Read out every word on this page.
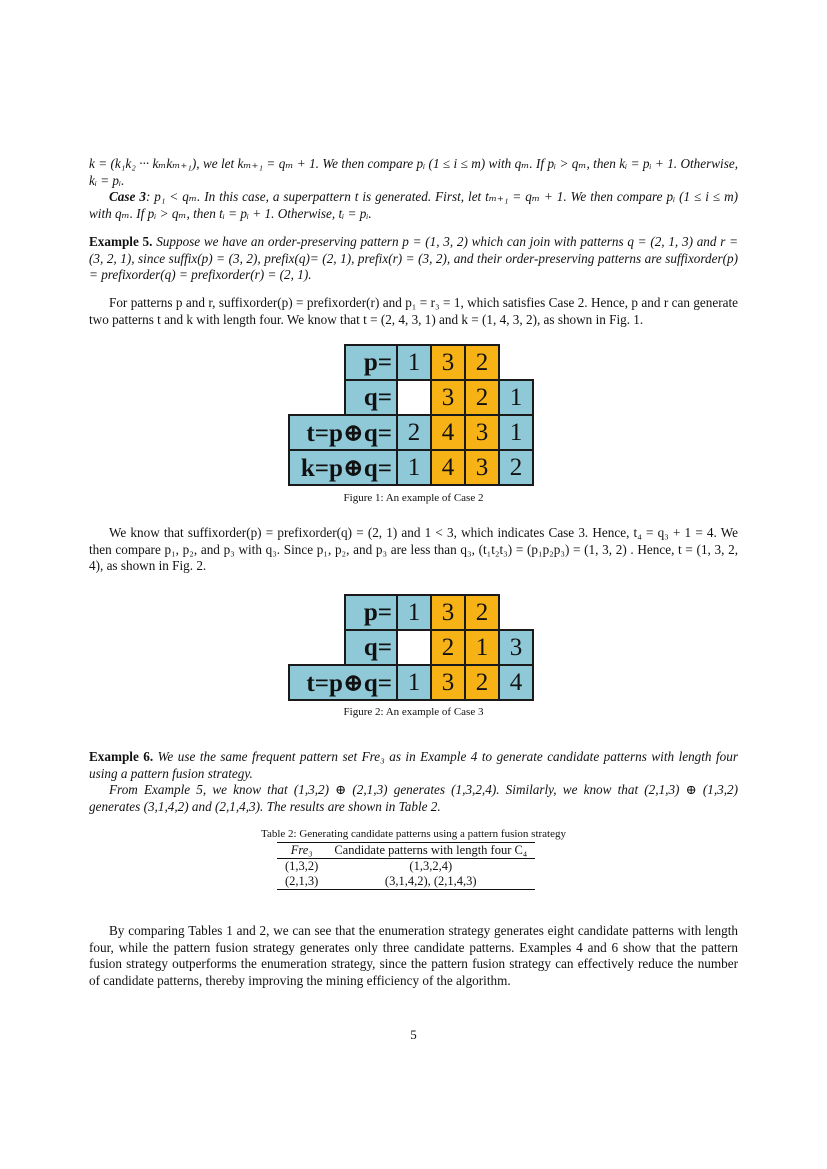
k = (k₁k₂ ··· kₘkₘ₊₁), we let kₘ₊₁ = qₘ + 1. We then compare pᵢ (1 ≤ i ≤ m) with qₘ. If pᵢ > qₘ, then kᵢ = pᵢ + 1. Otherwise, kᵢ = pᵢ.

Case 3: p₁ < qₘ. In this case, a superpattern t is generated. First, let tₘ₊₁ = qₘ + 1. We then compare pᵢ (1 ≤ i ≤ m) with qₘ. If pᵢ > qₘ, then tᵢ = pᵢ + 1. Otherwise, tᵢ = pᵢ.

Example 5. Suppose we have an order-preserving pattern p = (1, 3, 2) which can join with patterns q = (2, 1, 3) and r = (3, 2, 1), since suffix(p) = (3, 2), prefix(q)= (2, 1), prefix(r) = (3, 2), and their order-preserving patterns are suffixorder(p) = prefixorder(q) = prefixorder(r) = (2, 1).

For patterns p and r, suffixorder(p) = prefixorder(r) and p₁ = r₃ = 1, which satisfies Case 2. Hence, p and r can generate two patterns t and k with length four. We know that t = (2, 4, 3, 1) and k = (1, 4, 3, 2), as shown in Fig. 1.

p= 1 3 2
q=	3 2 1
t=p⊕q= 2 4 3 1
k=p⊕q= 1 4 3 2
Figure 1: An example of Case 2

We know that suffixorder(p) = prefixorder(q) = (2, 1) and 1 < 3, which indicates Case 3. Hence, t₄ = q₃ + 1 = 4. We then compare p₁, p₂, and p₃ with q₃. Since p₁, p₂, and p₃ are less than q₃, (t₁t₂t₃) = (p₁p₂p₃) = (1, 3, 2) . Hence, t = (1, 3, 2, 4), as shown in Fig. 2.

p= 1 3 2
q=	2 1 3
t=p⊕q= 1 3 2 4
Figure 2: An example of Case 3

Example 6. We use the same frequent pattern set Fre₃ as in Example 4 to generate candidate patterns with length four using a pattern fusion strategy.

From Example 5, we know that (1,3,2) ⊕ (2,1,3) generates (1,3,2,4). Similarly, we know that (2,1,3) ⊕ (1,3,2) generates (3,1,4,2) and (2,1,4,3). The results are shown in Table 2.

Table 2: Generating candidate patterns using a pattern fusion strategy
Fre₃	Candidate patterns with length four C₄
(1,3,2)	(1,3,2,4)
(2,1,3)	(3,1,4,2), (2,1,4,3)

By comparing Tables 1 and 2, we can see that the enumeration strategy generates eight candidate patterns with length four, while the pattern fusion strategy generates only three candidate patterns. Examples 4 and 6 show that the pattern fusion strategy outperforms the enumeration strategy, since the pattern fusion strategy can effectively reduce the number of candidate patterns, thereby improving the mining efficiency of the algorithm.

5
